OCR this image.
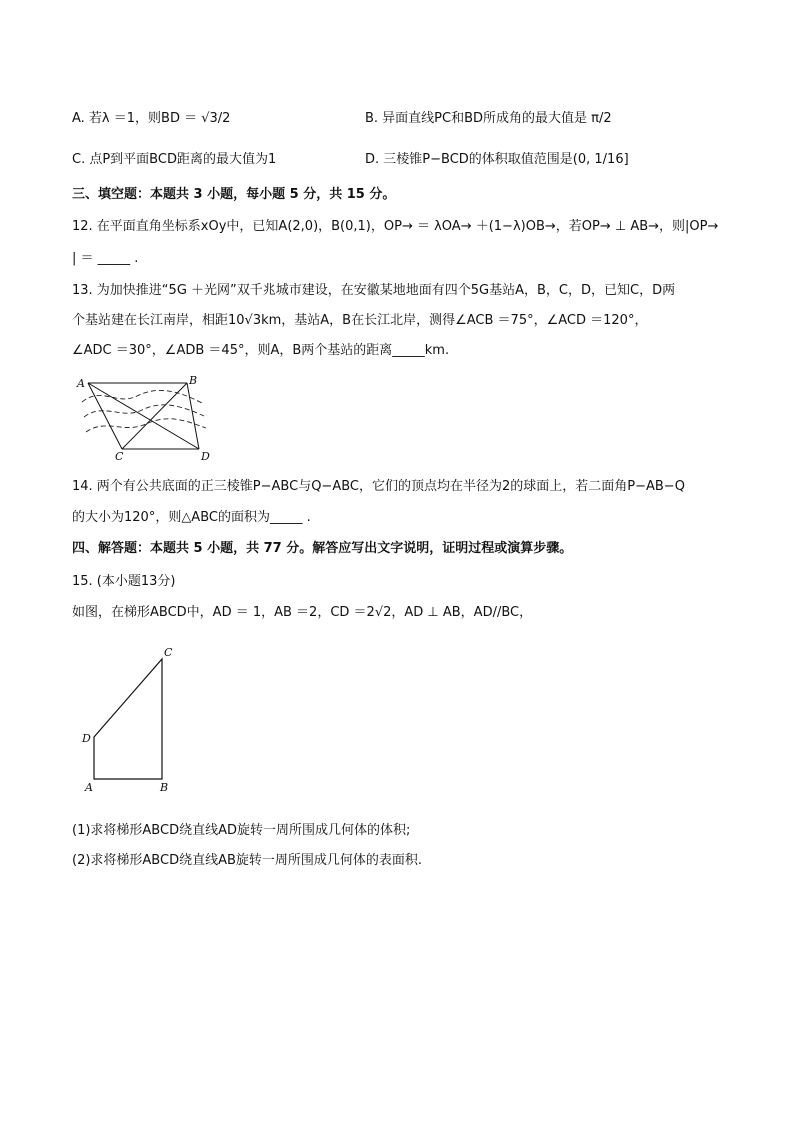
A. 若λ ＝1，则BD ＝ √3/2	B. 异面直线PC和BD所成角的最大值是 π/2
C. 点P到平面BCD距离的最大值为1	D. 三棱锥P−BCD的体积取值范围是(0, 1/16]
三、填空题：本题共 3 小题，每小题 5 分，共 15 分。
12. 在平面直角坐标系xOy中，已知A(2,0)，B(0,1)，OP→ ＝ λOA→ ＋(1−λ)OB→，若OP→ ⊥ AB→，则|OP→
| ＝ _____ .
13. 为加快推进“5G ＋光网”双千兆城市建设，在安徽某地地面有四个5G基站A，B，C，D，已知C，D两
个基站建在长江南岸，相距10√3km，基站A，B在长江北岸，测得∠ACB ＝75°，∠ACD ＝120°，
∠ADC ＝30°，∠ADB ＝45°，则A，B两个基站的距离_____km.
A	B
C	D
14. 两个有公共底面的正三棱锥P−ABC与Q−ABC，它们的顶点均在半径为2的球面上，若二面角P−AB−Q
的大小为120°，则△ABC的面积为_____ .
四、解答题：本题共 5 小题，共 77 分。解答应写出文字说明，证明过程或演算步骤。
15. (本小题13分)
如图，在梯形ABCD中，AD ＝ 1，AB ＝2，CD ＝2√2，AD ⊥ AB，AD//BC，
C
D
A	B
(1)求将梯形ABCD绕直线AD旋转一周所围成几何体的体积;
(2)求将梯形ABCD绕直线AB旋转一周所围成几何体的表面积.
